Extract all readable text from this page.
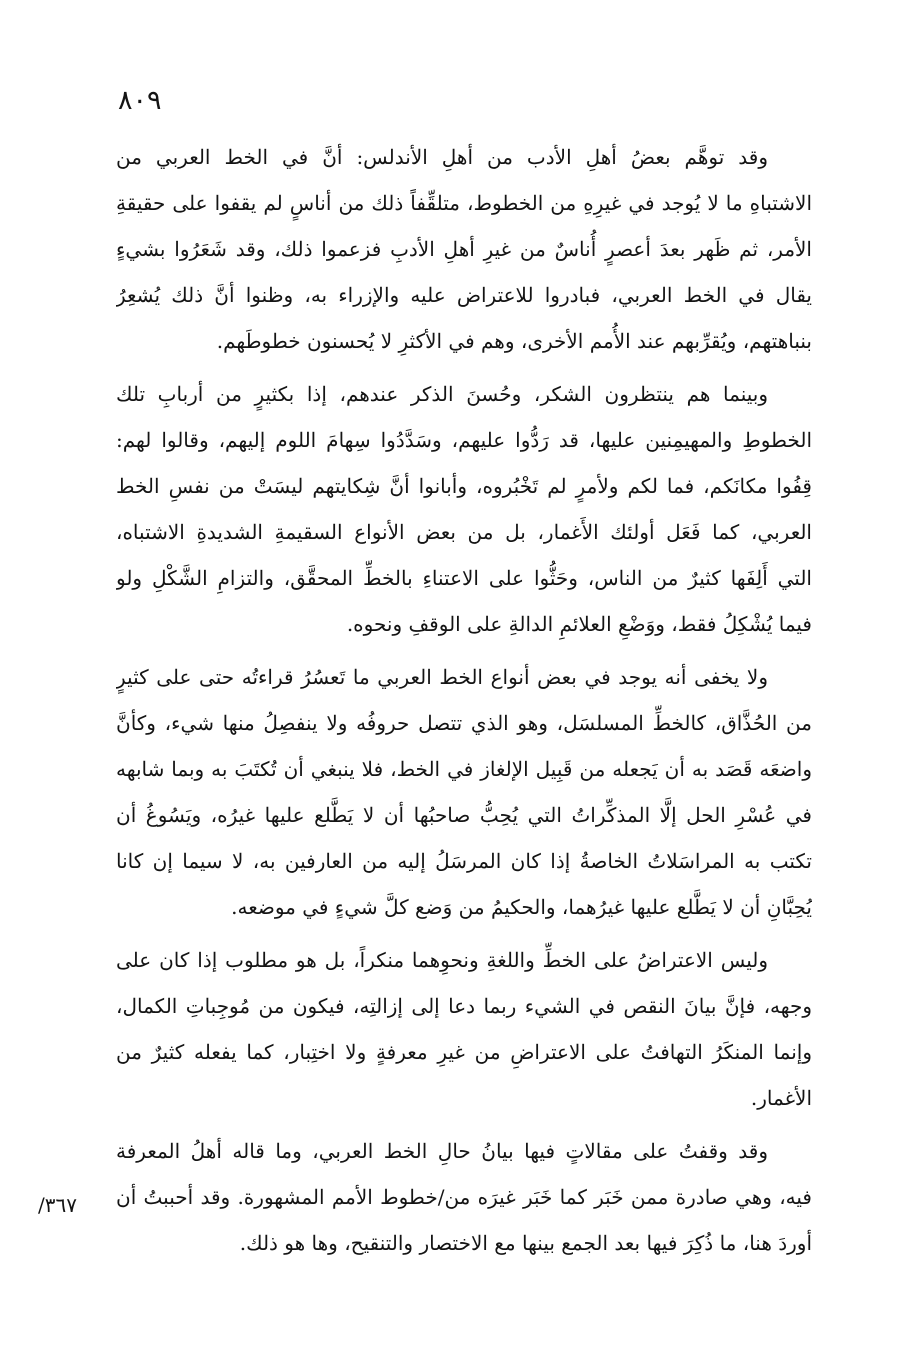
٨٠٩
وقد توهَّم بعضُ أهلِ الأدب من أهلِ الأندلس: أنَّ في الخط العربي من
الاشتباهِ ما لا يُوجد في غيرِهِ من الخطوط، متلقِّفاً ذلك من أناسٍ لم يقفوا على حقيقةِ
الأمر، ثم ظَهر بعدَ أعصرٍ أُناسٌ من غيرِ أهلِ الأدبِ فزعموا ذلك، وقد شَعَرُوا بشيءٍ
يقال في الخط العربي، فبادروا للاعتراض عليه والإزراء به، وظنوا أنَّ ذلك يُشعِرُ
بنباهتهم، ويُقرِّبهم عند الأُمم الأخرى، وهم في الأكثرِ لا يُحسنون خطوطَهم.
وبينما هم ينتظرون الشكر، وحُسنَ الذكر عندهم، إذا بكثيرٍ من أربابِ تلك
الخطوطِ والمهيمِنين عليها، قد رَدُّوا عليهم، وسَدَّدُوا سِهامَ اللوم إليهم، وقالوا لهم:
قِفُوا مكانَكم، فما لكم ولأمرٍ لم تَخْبُروه، وأبانوا أنَّ شِكايتهم ليسَتْ من نفسِ الخط
العربي، كما فَعَل أولئك الأَغمار، بل من بعض الأنواع السقيمةِ الشديدةِ الاشتباه،
التي أَلِفَها كثيرٌ من الناس، وحَثُّوا على الاعتناءِ بالخطِّ المحقَّق، والتزامِ الشَّكْلِ ولو
فيما يُشْكِلُ فقط، ووَضْعِ العلائمِ الدالةِ على الوقفِ ونحوه.
ولا يخفى أنه يوجد في بعض أنواع الخط العربي ما تَعسُرُ قراءتُه حتى على كثيرٍ
من الحُذَّاق، كالخطِّ المسلسَل، وهو الذي تتصل حروفُه ولا ينفصِلُ منها شيء، وكأنَّ
واضعَه قَصَد به أن يَجعله من قَبِيل الإلغاز في الخط، فلا ينبغي أن تُكتَبَ به وبما شابهه
في عُسْرِ الحل إلَّا المذكِّراتُ التي يُحِبُّ صاحبُها أن لا يَطَّلع عليها غيرُه، ويَسُوغُ أن
تكتب به المراسَلاتُ الخاصةُ إذا كان المرسَلُ إليه من العارفين به، لا سيما إن كانا
يُحِبَّانِ أن لا يَطَّلع عليها غيرُهما، والحكيمُ من وَضع كلَّ شيءٍ في موضعه.
وليس الاعتراضُ على الخطِّ واللغةِ ونحوِهما منكراً، بل هو مطلوب إذا كان على
وجهه، فإنَّ بيانَ النقص في الشيء ربما دعا إلى إزالتِه، فيكون من مُوجِباتِ الكمال،
وإنما المنكَرُ التهافتُ على الاعتراضِ من غيرِ معرفةٍ ولا اختِبار، كما يفعله كثيرٌ من
الأغمار.
وقد وقفتُ على مقالاتٍ فيها بيانُ حالِ الخط العربي، وما قاله أهلُ المعرفة
فيه، وهي صادرة ممن خَبَر كما خَبَر غيرَه من/خطوط الأمم المشهورة. وقد أحببتُ أن
أوردَ هنا، ما ذُكِرَ فيها بعد الجمع بينها مع الاختصار والتنقيح، وها هو ذلك.
٣٦٧/
